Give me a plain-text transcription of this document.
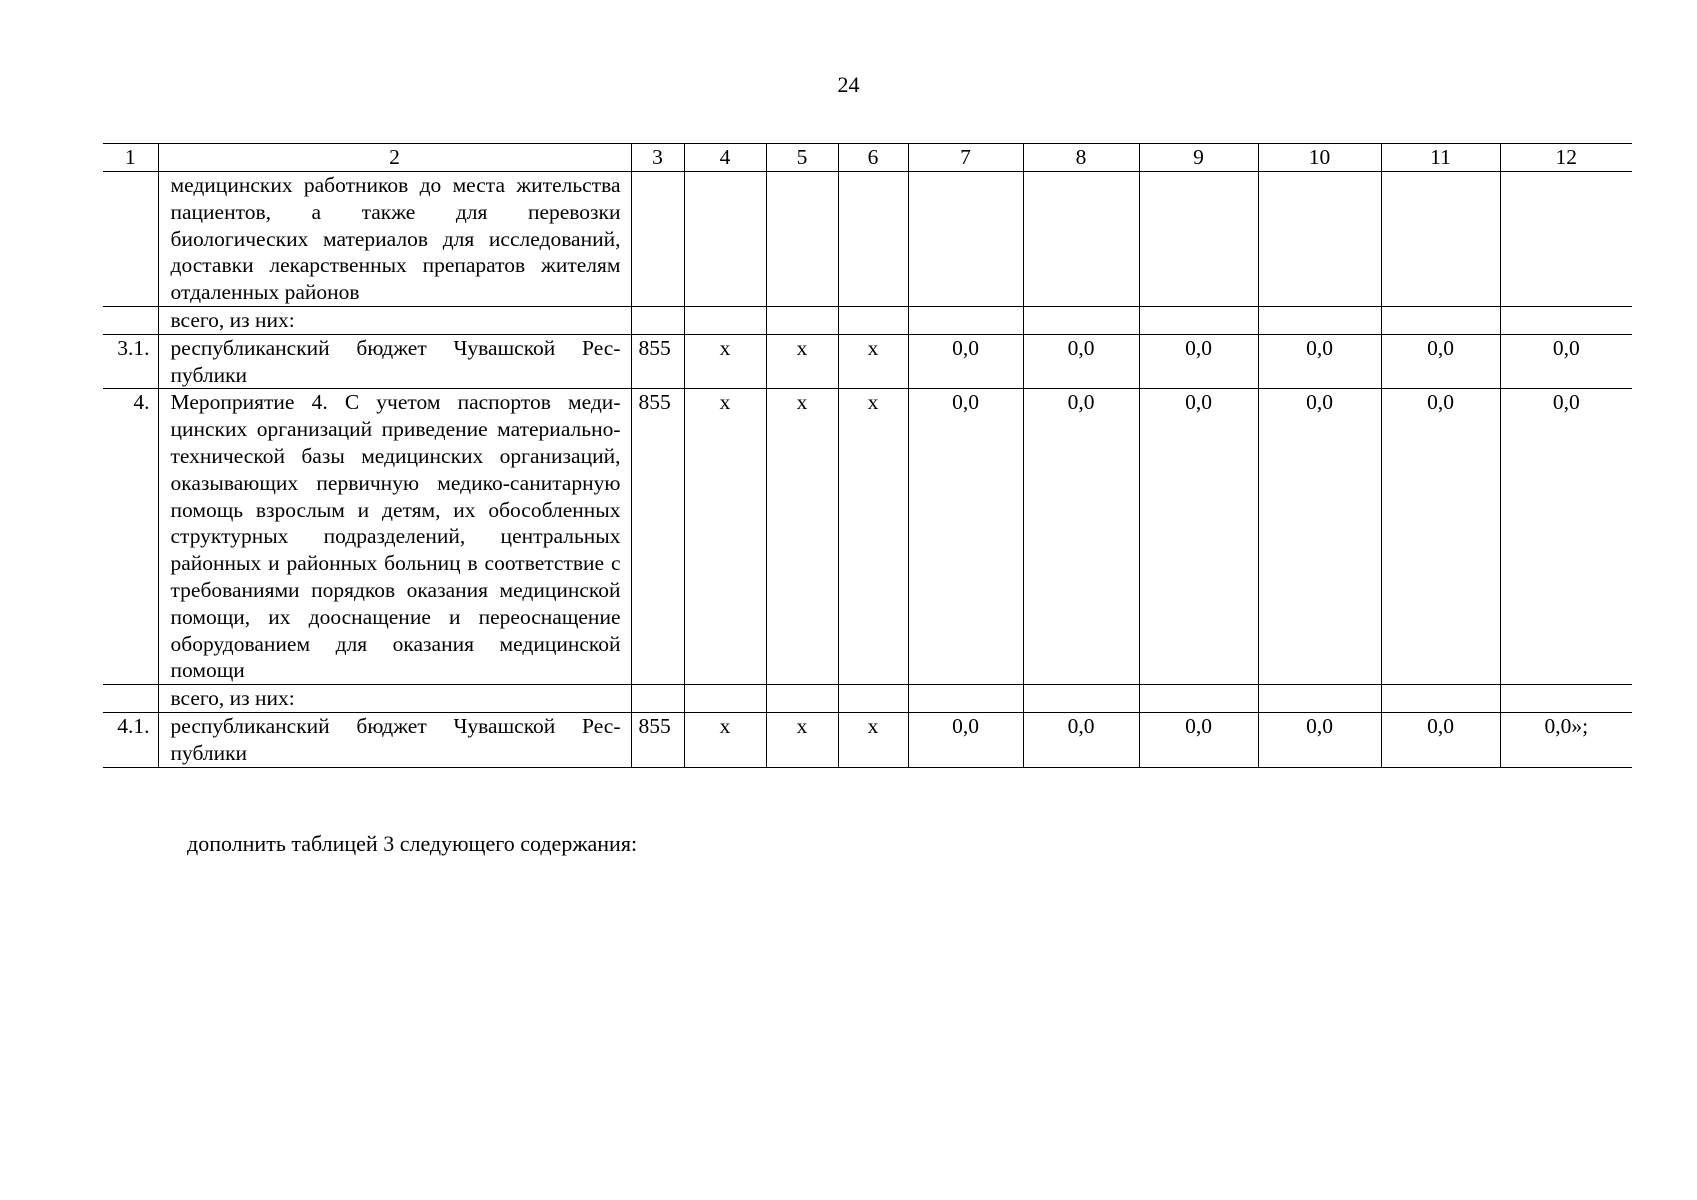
24
1	2	3	4	5	6	7	8	9	10	11	12
	медицинских работников до места жительства пациентов, а также для перевозки биологических материалов для исследований, доставки лекарственных препаратов жителям отдаленных районов										
	всего, из них:										
3.1.	республиканский бюджет Чувашской Республики	855	х	х	х	0,0	0,0	0,0	0,0	0,0	0,0
4.	Мероприятие 4. С учетом паспортов медицинских организаций приведение материально-технической базы медицинских организаций, оказывающих первичную медико-санитарную помощь взрослым и детям, их обособленных структурных подразделений, центральных районных и районных больниц в соответствие с требованиями порядков оказания медицинской помощи, их дооснащение и переоснащение оборудованием для оказания медицинской помощи	855	х	х	х	0,0	0,0	0,0	0,0	0,0	0,0
	всего, из них:										
4.1.	республиканский бюджет Чувашской Республики	855	х	х	х	0,0	0,0	0,0	0,0	0,0	0,0»;
дополнить таблицей 3 следующего содержания:
